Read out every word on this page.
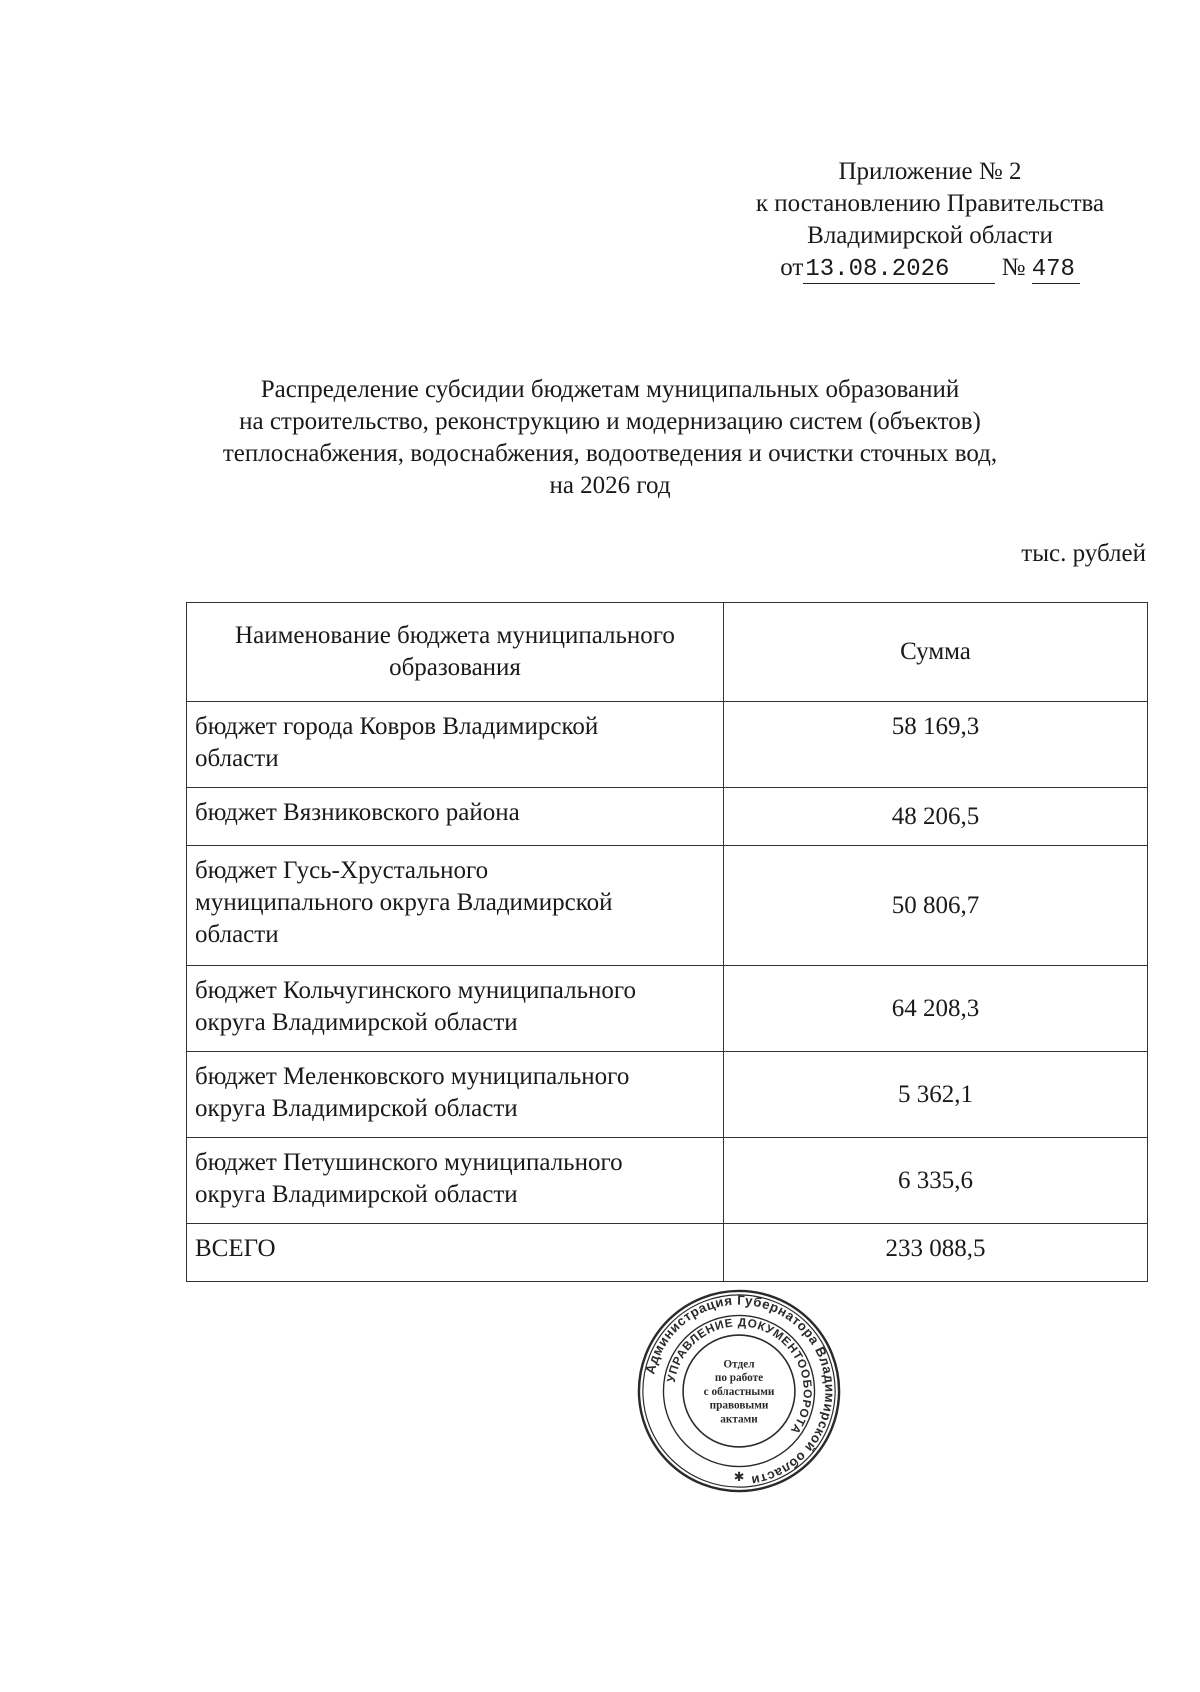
Приложение № 2
к постановлению Правительства
Владимирской области
от13.08.2026 № 478
Распределение субсидии бюджетам муниципальных образований
на строительство, реконструкцию и модернизацию систем (объектов)
теплоснабжения, водоснабжения, водоотведения и очистки сточных вод,
на 2026 год
тыс. рублей
Наименование бюджета муниципального
образования	Сумма

бюджет города Ковров Владимирской
области	58 169,3

бюджет Вязниковского района	48 206,5

бюджет Гусь-Хрустального
муниципального округа Владимирской
области	50 806,7

бюджет Кольчугинского муниципального
округа Владимирской области	64 208,3

бюджет Меленковского муниципального
округа Владимирской области	5 362,1

бюджет Петушинского муниципального
округа Владимирской области	6 335,6
ВСЕГО	233 088,5
Администрация Губернатора Владимирской области
УПРАВЛЕНИЕ ДОКУМЕНТООБОРОТА
✱
Отдел
по работе
с областными
правовыми
актами
